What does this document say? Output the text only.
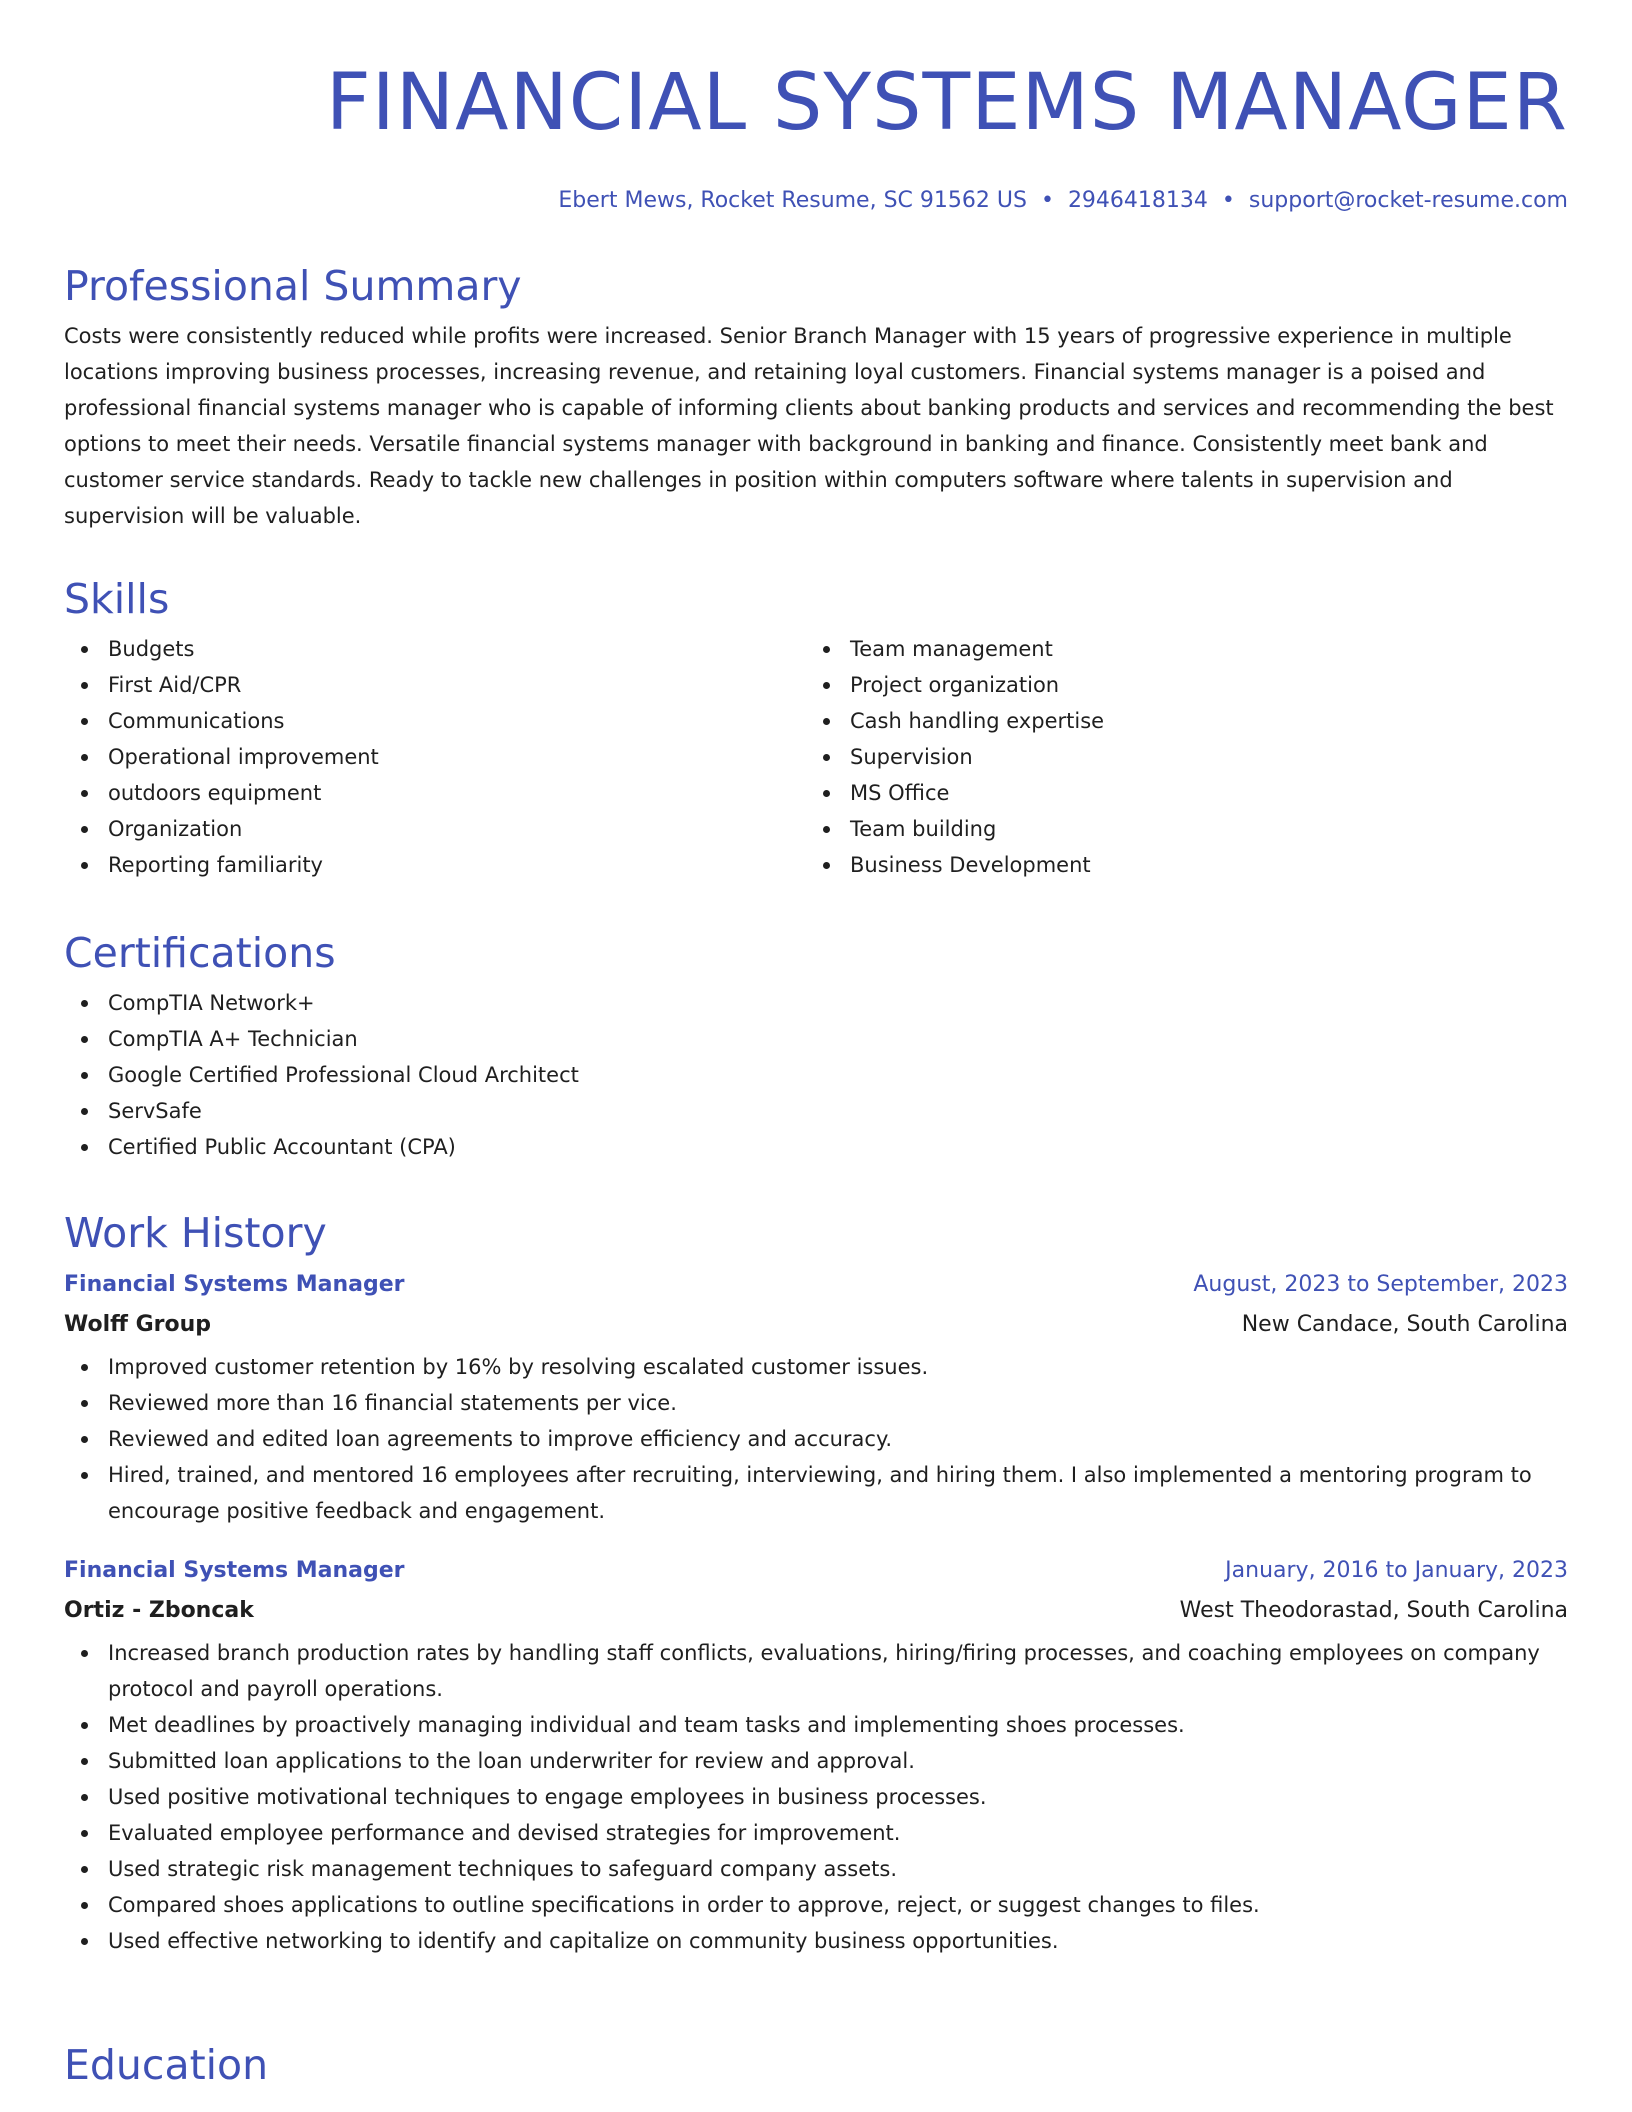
FINANCIAL SYSTEMS MANAGER
Ebert Mews, Rocket Resume, SC 91562 US • 2946418134 • support@rocket-resume.com
Professional Summary

Costs were consistently reduced while profits were increased. Senior Branch Manager with 15 years of progressive experience in multiple locations improving business processes, increasing revenue, and retaining loyal customers. Financial systems manager is a poised and professional financial systems manager who is capable of informing clients about banking products and services and recommending the best options to meet their needs. Versatile financial systems manager with background in banking and finance. Consistently meet bank and customer service standards. Ready to tackle new challenges in position within computers software where talents in supervision and supervision will be valuable.

Skills
Budgets
First Aid/CPR
Communications
Operational improvement
outdoors equipment
Organization
Reporting familiarity
Team management
Project organization
Cash handling expertise
Supervision
MS Office
Team building
Business Development
Certifications
CompTIA Network+
CompTIA A+ Technician
Google Certified Professional Cloud Architect
ServSafe
Certified Public Accountant (CPA)
Work History
Financial Systems Manager	August, 2023 to September, 2023
Wolff Group	New Candace, South Carolina
Improved customer retention by 16% by resolving escalated customer issues.
Reviewed more than 16 financial statements per vice.
Reviewed and edited loan agreements to improve efficiency and accuracy.
Hired, trained, and mentored 16 employees after recruiting, interviewing, and hiring them. I also implemented a mentoring program to encourage positive feedback and engagement.
Financial Systems Manager	January, 2016 to January, 2023
Ortiz - Zboncak	West Theodorastad, South Carolina
Increased branch production rates by handling staff conflicts, evaluations, hiring/firing processes, and coaching employees on company protocol and payroll operations.
Met deadlines by proactively managing individual and team tasks and implementing shoes processes.
Submitted loan applications to the loan underwriter for review and approval.
Used positive motivational techniques to engage employees in business processes.
Evaluated employee performance and devised strategies for improvement.
Used strategic risk management techniques to safeguard company assets.
Compared shoes applications to outline specifications in order to approve, reject, or suggest changes to files.
Used effective networking to identify and capitalize on community business opportunities.
Education
